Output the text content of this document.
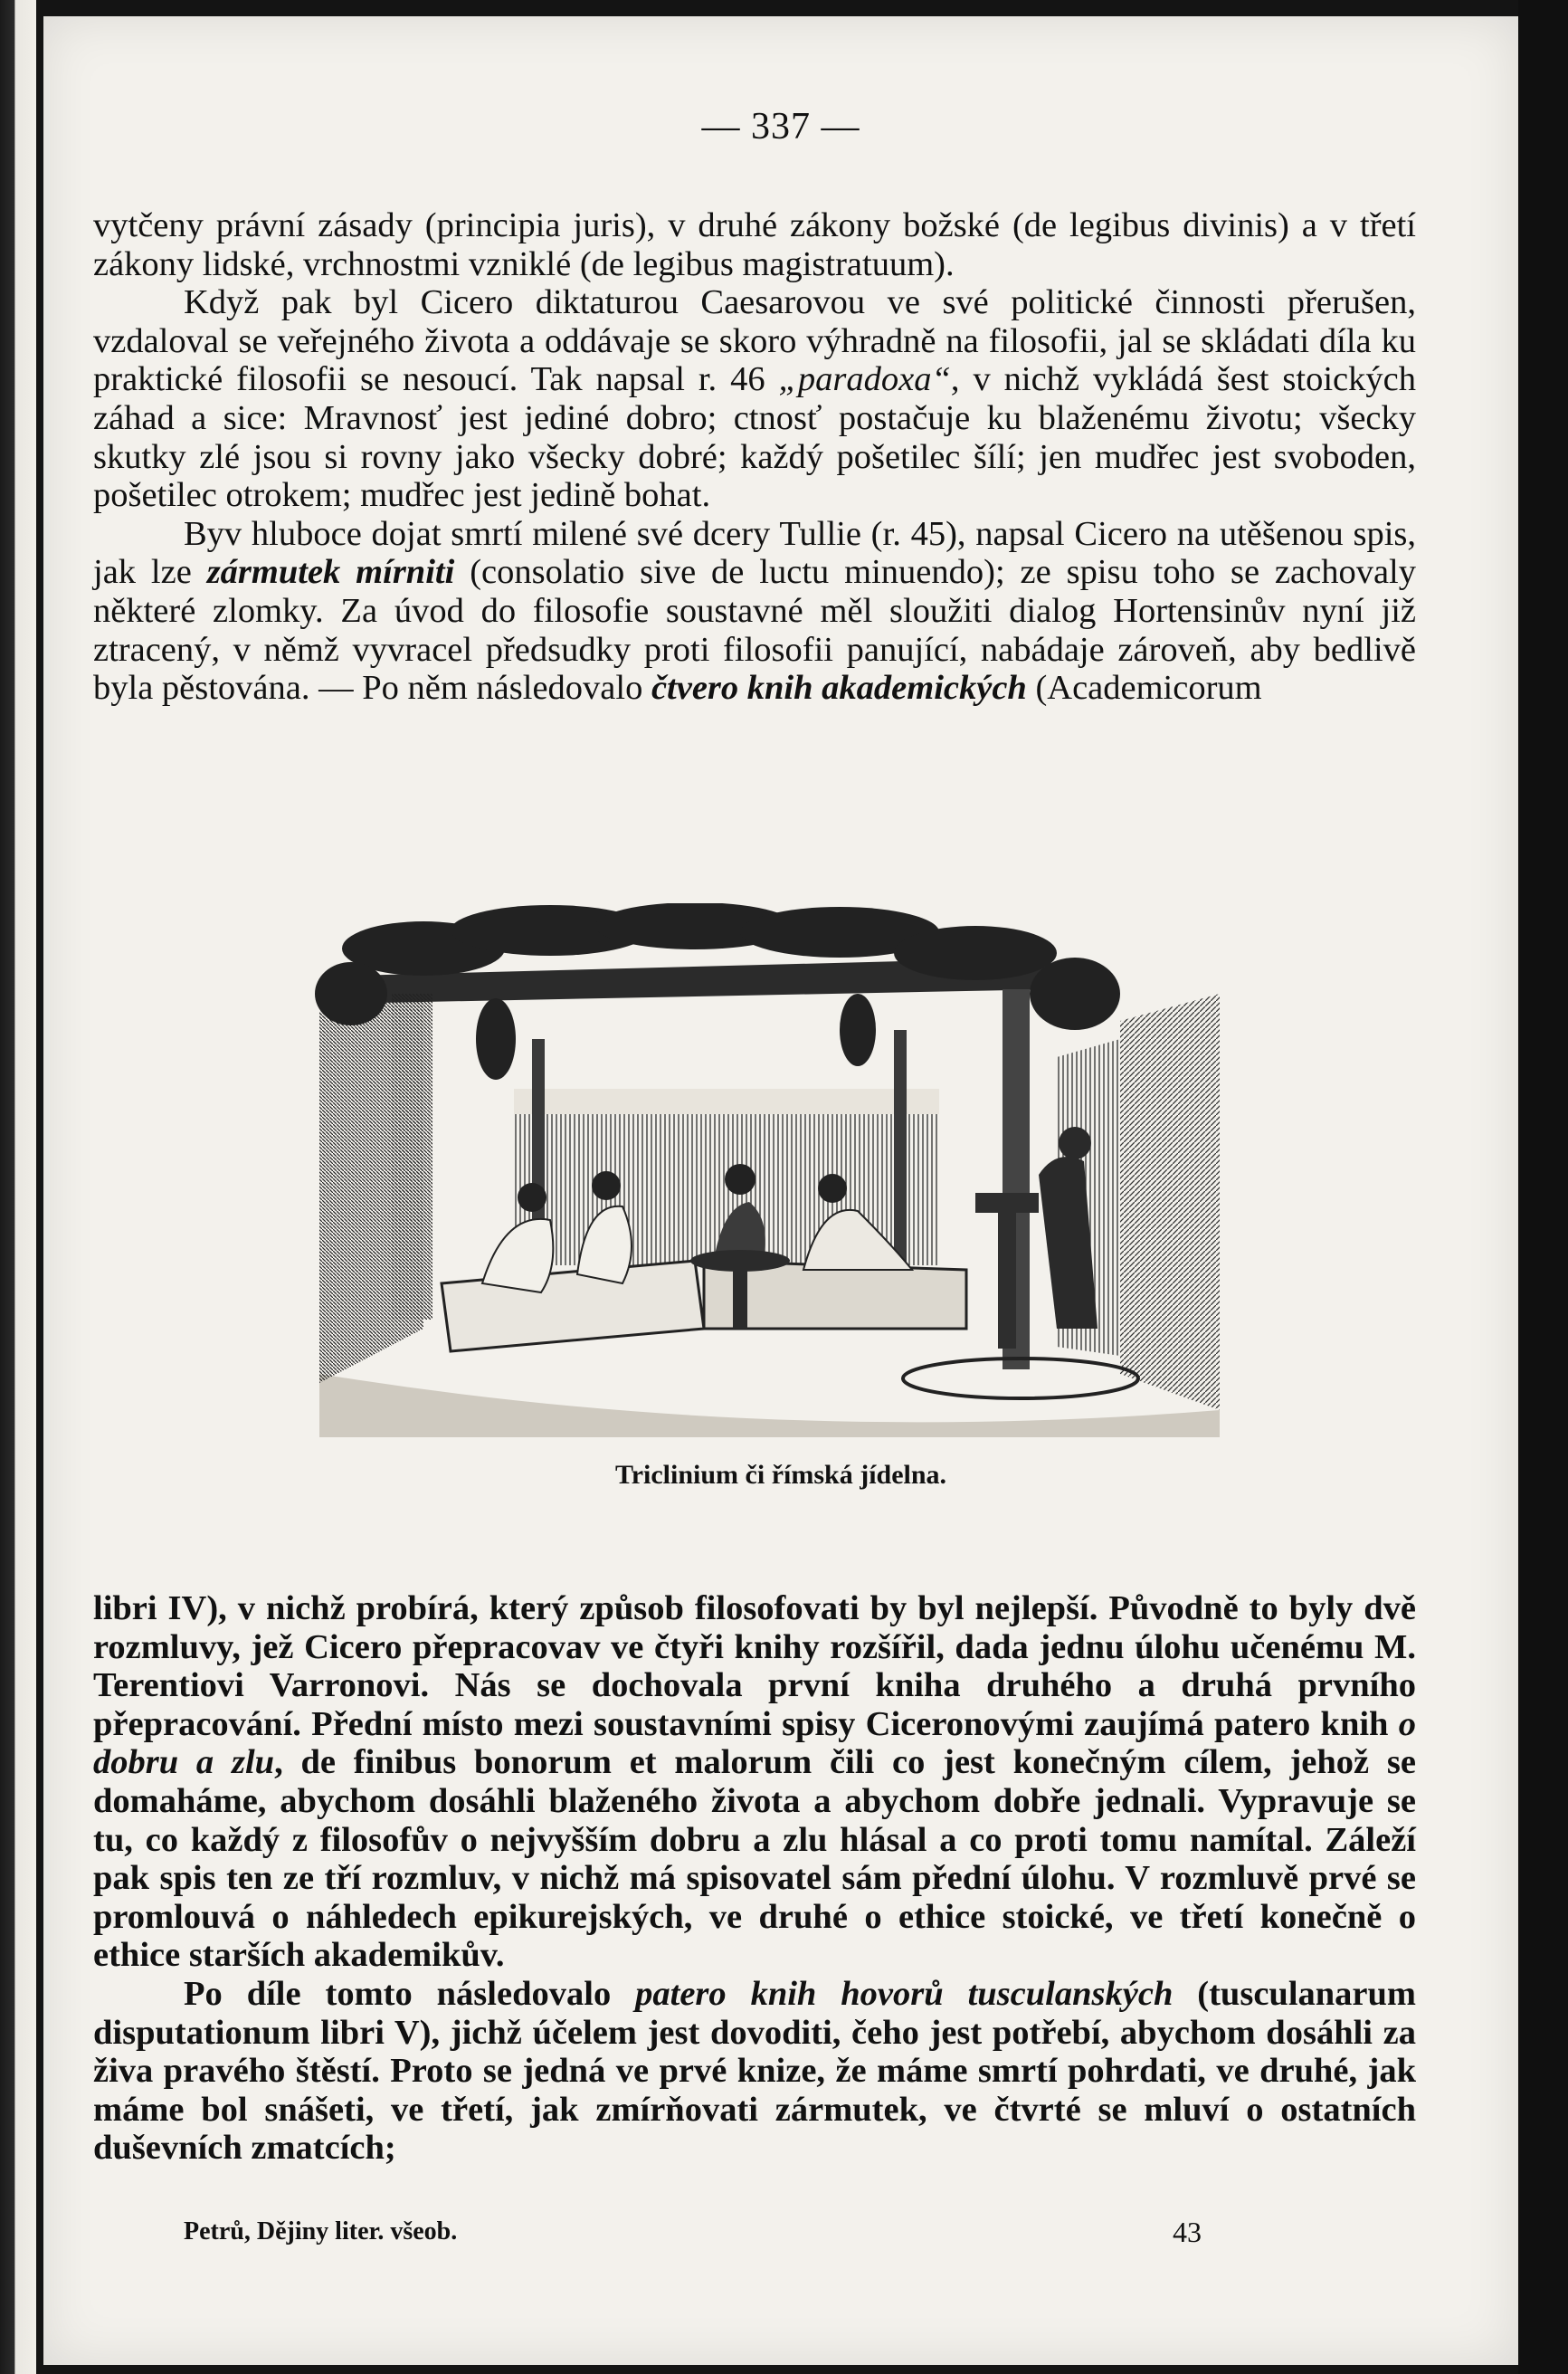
— 337 —

vytčeny právní zásady (principia juris), v druhé zákony božské (de legibus divinis) a v třetí zákony lidské, vrchnostmi vzniklé (de legibus magistratuum).

Když pak byl Cicero diktaturou Caesarovou ve své politické činnosti přerušen, vzdaloval se veřejného života a oddávaje se skoro výhradně na filosofii, jal se skládati díla ku praktické filosofii se nesoucí. Tak napsal r. 46 „paradoxa“, v nichž vykládá šest stoických záhad a sice: Mravnosť jest jediné dobro; ctnosť postačuje ku blaženému životu; všecky skutky zlé jsou si rovny jako všecky dobré; každý pošetilec šílí; jen mudřec jest svoboden, pošetilec otrokem; mudřec jest jedině bohat.

Byv hluboce dojat smrtí milené své dcery Tullie (r. 45), napsal Cicero na utěšenou spis, jak lze zármutek mírniti (consolatio sive de luctu minuendo); ze spisu toho se zachovaly některé zlomky. Za úvod do filosofie soustavné měl sloužiti dialog Hortensinův nyní již ztracený, v němž vyvracel předsudky proti filosofii panující, nabádaje zároveň, aby bedlivě byla pěstována. — Po něm následovalo čtvero knih akademických (Academicorum

Triclinium či římská jídelna.

libri IV), v nichž probírá, který způsob filosofovati by byl nejlepší. Původně to byly dvě rozmluvy, jež Cicero přepracovav ve čtyři knihy rozšířil, dada jednu úlohu učenému M. Terentiovi Varronovi. Nás se dochovala první kniha druhého a druhá prvního přepracování. Přední místo mezi soustavními spisy Ciceronovými zaujímá patero knih o dobru a zlu, de finibus bonorum et malorum čili co jest konečným cílem, jehož se domaháme, abychom dosáhli blaženého života a abychom dobře jednali. Vypravuje se tu, co každý z filosofův o nejvyšším dobru a zlu hlásal a co proti tomu namítal. Záleží pak spis ten ze tří rozmluv, v nichž má spisovatel sám přední úlohu. V rozmluvě prvé se promlouvá o náhledech epikurejských, ve druhé o ethice stoické, ve třetí konečně o ethice starších akademikův.

Po díle tomto následovalo patero knih hovorů tusculanských (tusculanarum disputationum libri V), jichž účelem jest dovoditi, čeho jest potřebí, abychom dosáhli za živa pravého štěstí. Proto se jedná ve prvé knize, že máme smrtí pohrdati, ve druhé, jak máme bol snášeti, ve třetí, jak zmírňovati zármutek, ve čtvrté se mluví o ostatních duševních zmatcích;

Petrů, Dějiny liter. všeob.	43
